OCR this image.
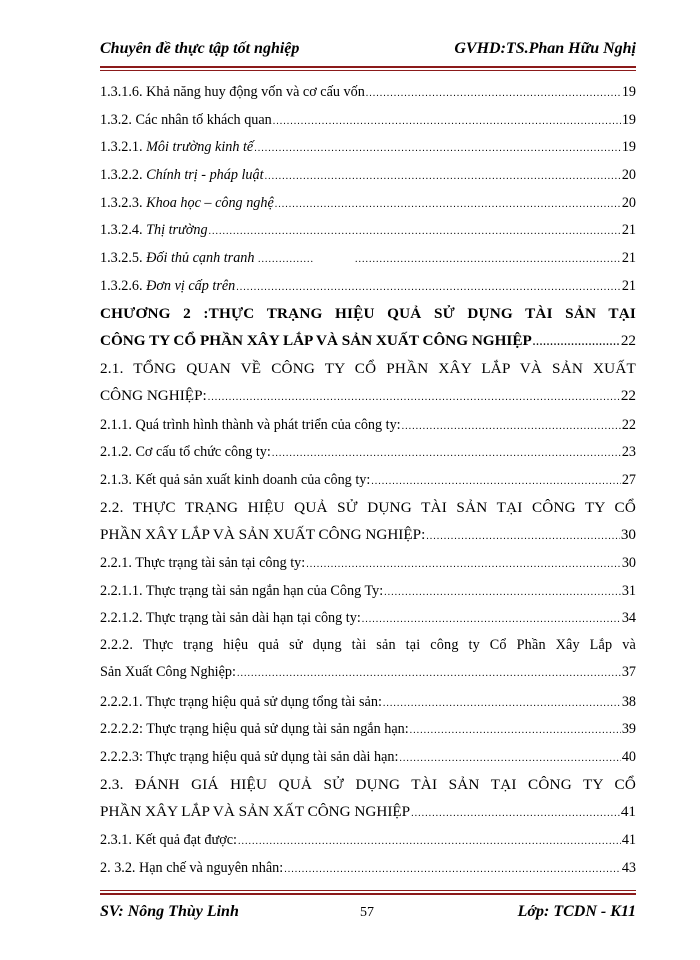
Chuyên đề thực tập tốt nghiệp	GVHD:TS.Phan Hữu Nghị
1.3.1.6. Khả năng huy động vốn và cơ cấu vốn .....	19
1.3.2. Các nhân tố khách quan .....	19
1.3.2.1. Môi trường kinh tế .....	19
1.3.2.2. Chính trị - pháp luật .....	20
1.3.2.3. Khoa học – công nghệ .....	20
1.3.2.4. Thị trường .....	21
1.3.2.5. Đối thủ cạnh tranh ................ .....	21
1.3.2.6. Đơn vị cấp trên .....	21
CHƯƠNG 2 :THỰC TRẠNG HIỆU QUẢ SỬ DỤNG TÀI SẢN TẠI
CÔNG TY CỔ PHẦN XÂY LẮP VÀ SẢN XUẤT CÔNG NGHIỆP .....	22
2.1. TỔNG QUAN VỀ CÔNG TY CỔ PHẦN XÂY LẮP VÀ SẢN XUẤT
CÔNG NGHIỆP: .....	22
2.1.1. Quá trình hình thành và phát triển của công ty: .....	22
2.1.2. Cơ cấu tổ chức công ty: .....	23
2.1.3. Kết quả sản xuất kinh doanh của công ty: .....	27
2.2. THỰC TRẠNG HIỆU QUẢ SỬ DỤNG TÀI SẢN TẠI CÔNG TY CỔ
PHẦN XÂY LẮP VÀ SẢN XUẤT CÔNG NGHIỆP: .....	30
2.2.1. Thực trạng tài sản tại công ty: .....	30
2.2.1.1. Thực trạng tài sản ngắn hạn của Công Ty: .....	31
2.2.1.2. Thực trạng tài sản dài hạn tại công ty: .....	34
2.2.2. Thực trạng hiệu quả sử dụng tài sản tại công ty Cổ Phần Xây Lắp và
Sản Xuất Công Nghiệp: .....	37
2.2.2.1. Thực trạng hiệu quả sử dụng tổng tài sản: .....	38
2.2.2.2: Thực trạng hiệu quả sử dụng tài sản ngắn hạn: .....	39
2.2.2.3: Thực trạng hiệu quả sử dụng tài sản dài hạn: .....	40
2.3. ĐÁNH GIÁ HIỆU QUẢ SỬ DỤNG TÀI SẢN TẠI CÔNG TY CỔ
PHẦN XÂY LẮP VÀ SẢN XẤT CÔNG NGHIỆP .....	41
2.3.1. Kết quả đạt được: .....	41
2. 3.2. Hạn chế và nguyên nhân: .....	43
SV: Nông Thùy Linh	57	Lớp: TCDN - K11
